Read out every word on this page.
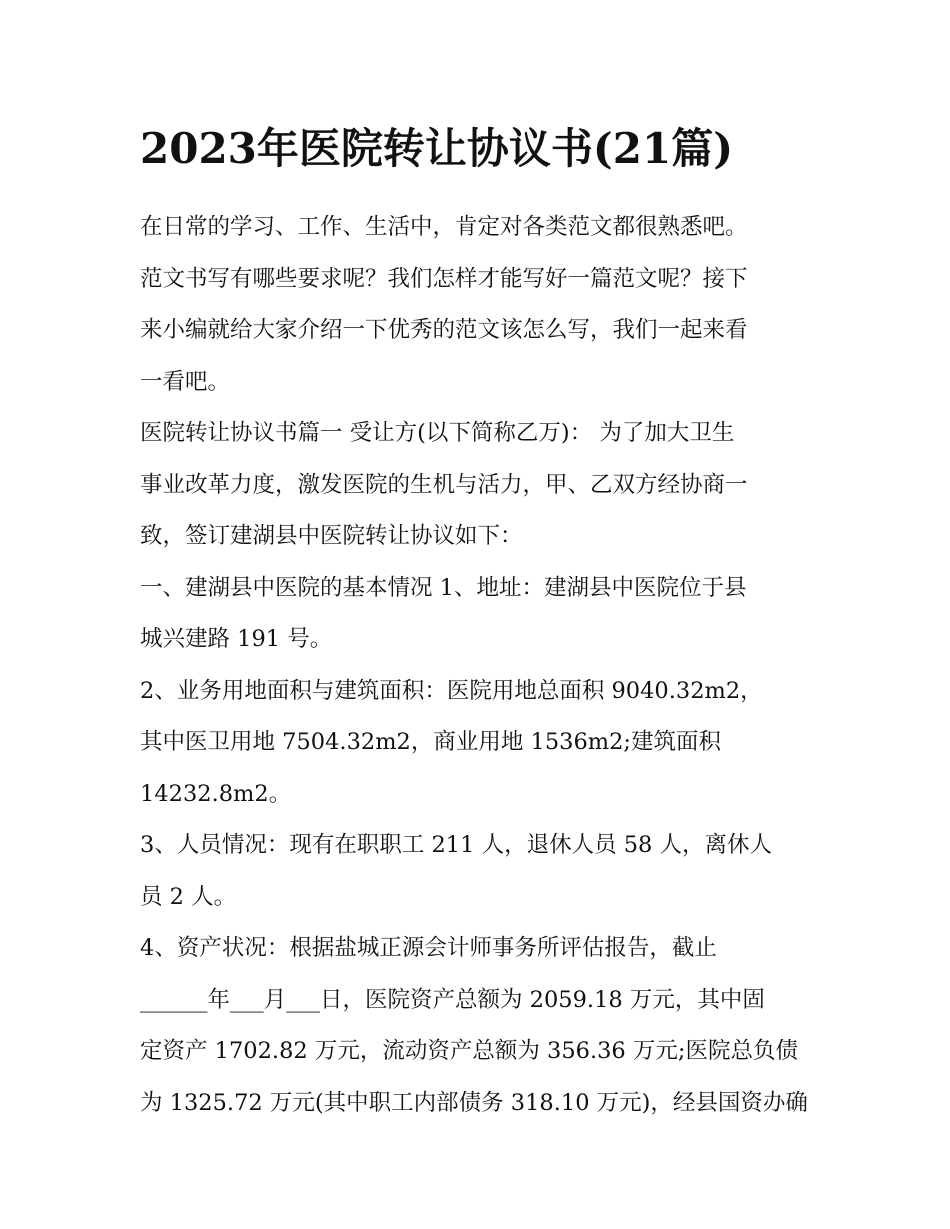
2023年医院转让协议书(21篇)

在日常的学习、工作、生活中，肯定对各类范文都很熟悉吧。
范文书写有哪些要求呢？我们怎样才能写好一篇范文呢？接下
来小编就给大家介绍一下优秀的范文该怎么写，我们一起来看
一看吧。

医院转让协议书篇一 受让方(以下简称乙万)： 为了加大卫生
事业改革力度，激发医院的生机与活力，甲、乙双方经协商一
致，签订建湖县中医院转让协议如下：

一、建湖县中医院的基本情况 1、地址：建湖县中医院位于县
城兴建路 191 号。

2、业务用地面积与建筑面积：医院用地总面积 9040.32m2，
其中医卫用地 7504.32m2，商业用地 1536m2;建筑面积
14232.8m2。

3、人员情况：现有在职职工 211 人，退休人员 58 人，离休人
员 2 人。

4、资产状况：根据盐城正源会计师事务所评估报告，截止
______年___月___日，医院资产总额为 2059.18 万元，其中固
定资产 1702.82 万元，流动资产总额为 356.36 万元;医院总负债
为 1325.72 万元(其中职工内部债务 318.10 万元)，经县国资办确
